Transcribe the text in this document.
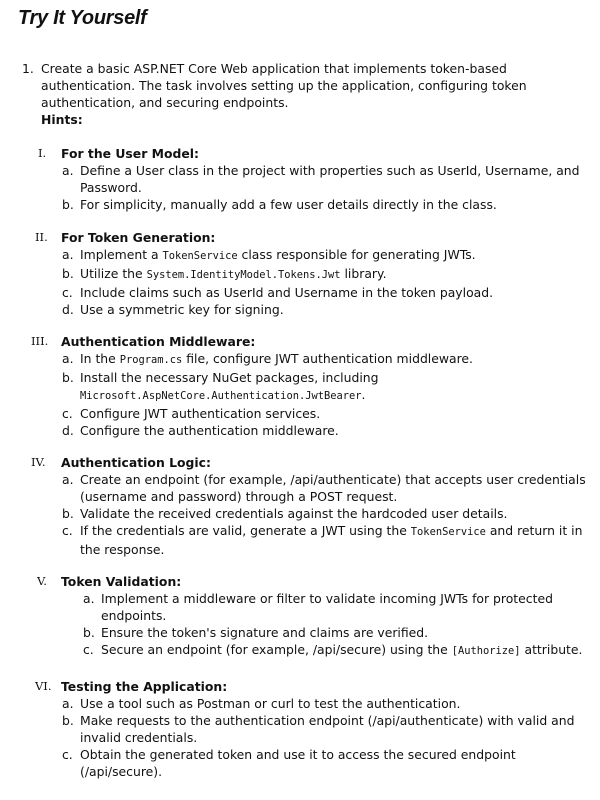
Try It Yourself
1. Create a basic ASP.NET Core Web application that implements token-based authentication. The task involves setting up the application, configuring token authentication, and securing endpoints.
Hints:
I. For the User Model:
a. Define a User class in the project with properties such as UserId, Username, and Password.
b. For simplicity, manually add a few user details directly in the class.
II. For Token Generation:
a. Implement a TokenService class responsible for generating JWTs.
b. Utilize the System.IdentityModel.Tokens.Jwt library.
c. Include claims such as UserId and Username in the token payload.
d. Use a symmetric key for signing.
III. Authentication Middleware:
a. In the Program.cs file, configure JWT authentication middleware.
b. Install the necessary NuGet packages, including Microsoft.AspNetCore.Authentication.JwtBearer.
c. Configure JWT authentication services.
d. Configure the authentication middleware.
IV. Authentication Logic:
a. Create an endpoint (for example, /api/authenticate) that accepts user credentials (username and password) through a POST request.
b. Validate the received credentials against the hardcoded user details.
c. If the credentials are valid, generate a JWT using the TokenService and return it in the response.
V. Token Validation:
a. Implement a middleware or filter to validate incoming JWTs for protected endpoints.
b. Ensure the token's signature and claims are verified.
c. Secure an endpoint (for example, /api/secure) using the [Authorize] attribute.
VI. Testing the Application:
a. Use a tool such as Postman or curl to test the authentication.
b. Make requests to the authentication endpoint (/api/authenticate) with valid and invalid credentials.
c. Obtain the generated token and use it to access the secured endpoint (/api/secure).
